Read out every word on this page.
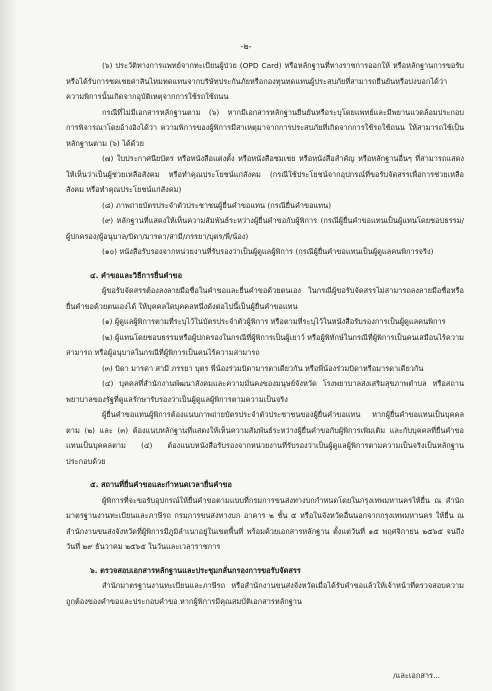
-๒-

(๖) ประวัติทางการแพทย์จากทะเบียนผู้ป่วย (OPD Card) หรือหลักฐานที่ทางราชการออกให้ หรือหลักฐานการขอรับหรือได้รับการชดเชยค่าสินไหมทดแทนจากบริษัทประกันภัยหรือกองทุนทดแทนผู้ประสบภัยที่สามารถยืนยันหรือบ่งบอกได้ว่าความพิการนั้นเกิดจากอุบัติเหตุจากการใช้รถใช้ถนน

กรณีที่ไม่มีเอกสารหลักฐานตาม (๖) หากมีเอกสารหลักฐานยืนยันหรือระบุโดยแพทย์และมีพยานแวดล้อมประกอบการพิจารณาโดยอ้างอิงได้ว่า ความพิการของผู้พิการมีสาเหตุมาจากการประสบภัยที่เกิดจากการใช้รถใช้ถนน ให้สามารถใช้เป็นหลักฐานตาม (๖) ได้ด้วย

(๗) ใบประกาศนียบัตร หรือหนังสือแต่งตั้ง หรือหนังสือชมเชย หรือหนังสือสำคัญ หรือหลักฐานอื่นๆ ที่สามารถแสดงให้เห็นว่าเป็นผู้ช่วยเหลือสังคม หรือทำคุณประโยชน์แก่สังคม (กรณีใช้ประโยชน์จากอุปกรณ์ที่ขอรับจัดสรรเพื่อการช่วยเหลือสังคม หรือทำคุณประโยชน์แก่สังคม)

(๘) ภาพถ่ายบัตรประจำตัวประชาชนผู้ยื่นคำขอแทน (กรณียื่นคำขอแทน)

(๙) หลักฐานที่แสดงให้เห็นความสัมพันธ์ระหว่างผู้ยื่นคำขอกับผู้พิการ (กรณีผู้ยื่นคำขอแทนเป็นผู้แทนโดยชอบธรรม/ผู้ปกครอง/ผู้อนุบาล/บิดา/มารดา/สามี/ภรรยา/บุตร/พี่/น้อง)

(๑๐) หนังสือรับรองจากหน่วยงานที่รับรองว่าเป็นผู้ดูแลผู้พิการ (กรณีผู้ยื่นคำขอแทนเป็นผู้ดูแลคนพิการจริง)

๔. คำขอและวิธีการยื่นคำขอ

ผู้ขอรับจัดสรรต้องลงลายมือชื่อในคำขอและยื่นคำขอด้วยตนเอง ในกรณีผู้ขอรับจัดสรรไม่สามารถลงลายมือชื่อหรือยื่นคำขอด้วยตนเองได้ ให้บุคคลใดบุคคลหนึ่งดังต่อไปนี้เป็นผู้ยื่นคำขอแทน

(๑) ผู้ดูแลผู้พิการตามที่ระบุไว้ในบัตรประจำตัวผู้พิการ หรือตามที่ระบุไว้ในหนังสือรับรองการเป็นผู้ดูแลคนพิการ

(๒) ผู้แทนโดยชอบธรรมหรือผู้ปกครองในกรณีที่ผู้พิการเป็นผู้เยาว์ หรือผู้พิทักษ์ในกรณีที่ผู้พิการเป็นคนเสมือนไร้ความสามารถ หรือผู้อนุบาลในกรณีที่ผู้พิการเป็นคนไร้ความสามารถ

(๓) บิดา มารดา สามี ภรรยา บุตร พี่น้องร่วมบิดามารดาเดียวกัน หรือพี่น้องร่วมบิดาหรือมารดาเดียวกัน

(๔) บุคคลที่สำนักงานพัฒนาสังคมและความมั่นคงของมนุษย์จังหวัด โรงพยาบาลส่งเสริมสุขภาพตำบล หรือสถานพยาบาลของรัฐที่ดูแลรักษารับรองว่าเป็นผู้ดูแลผู้พิการตามความเป็นจริง

ผู้ยื่นคำขอแทนผู้พิการต้องแนบภาพถ่ายบัตรประจำตัวประชาชนของผู้ยื่นคำขอแทน หากผู้ยื่นคำขอแทนเป็นบุคคลตาม (๒) และ (๓) ต้องแนบหลักฐานที่แสดงให้เห็นความสัมพันธ์ระหว่างผู้ยื่นคำขอกับผู้พิการเพิ่มเติม และกับบุคคลที่ยื่นคำขอแทนเป็นบุคคลตาม (๔) ต้องแนบหนังสือรับรองจากหน่วยงานที่รับรองว่าเป็นผู้ดูแลผู้พิการตามความเป็นจริงเป็นหลักฐานประกอบด้วย

๕. สถานที่ยื่นคำขอและกำหนดเวลายื่นคำขอ

ผู้พิการที่จะขอรับอุปกรณ์ให้ยื่นคำขอตามแบบที่กรมการขนส่งทางบกกำหนดโดยในกรุงเทพมหานครให้ยื่น ณ สำนักมาตรฐานงานทะเบียนและภาษีรถ กรมการขนส่งทางบก อาคาร ๒ ชั้น ๕ หรือในจังหวัดอื่นนอกจากกรุงเทพมหานคร ให้ยื่น ณ สำนักงานขนส่งจังหวัดที่ผู้พิการมีภูมิลำเนาอยู่ในเขตพื้นที่ พร้อมด้วยเอกสารหลักฐาน ตั้งแต่วันที่ ๑๕ พฤศจิกายน ๒๕๖๕ จนถึงวันที่ ๒๙ ธันวาคม ๒๕๖๕ ในวันและเวลาราชการ

๖. ตรวจสอบเอกสารหลักฐานและประชุมกลั่นกรองการขอรับจัดสรร

สำนักมาตรฐานงานทะเบียนและภาษีรถ หรือสำนักงานขนส่งจังหวัดเมื่อได้รับคำขอแล้วให้เจ้าหน้าที่ตรวจสอบความถูกต้องของคำขอและประกอบคำขอ หากผู้พิการมีคุณสมบัติเอกสารหลักฐาน

/และเอกสาร...
